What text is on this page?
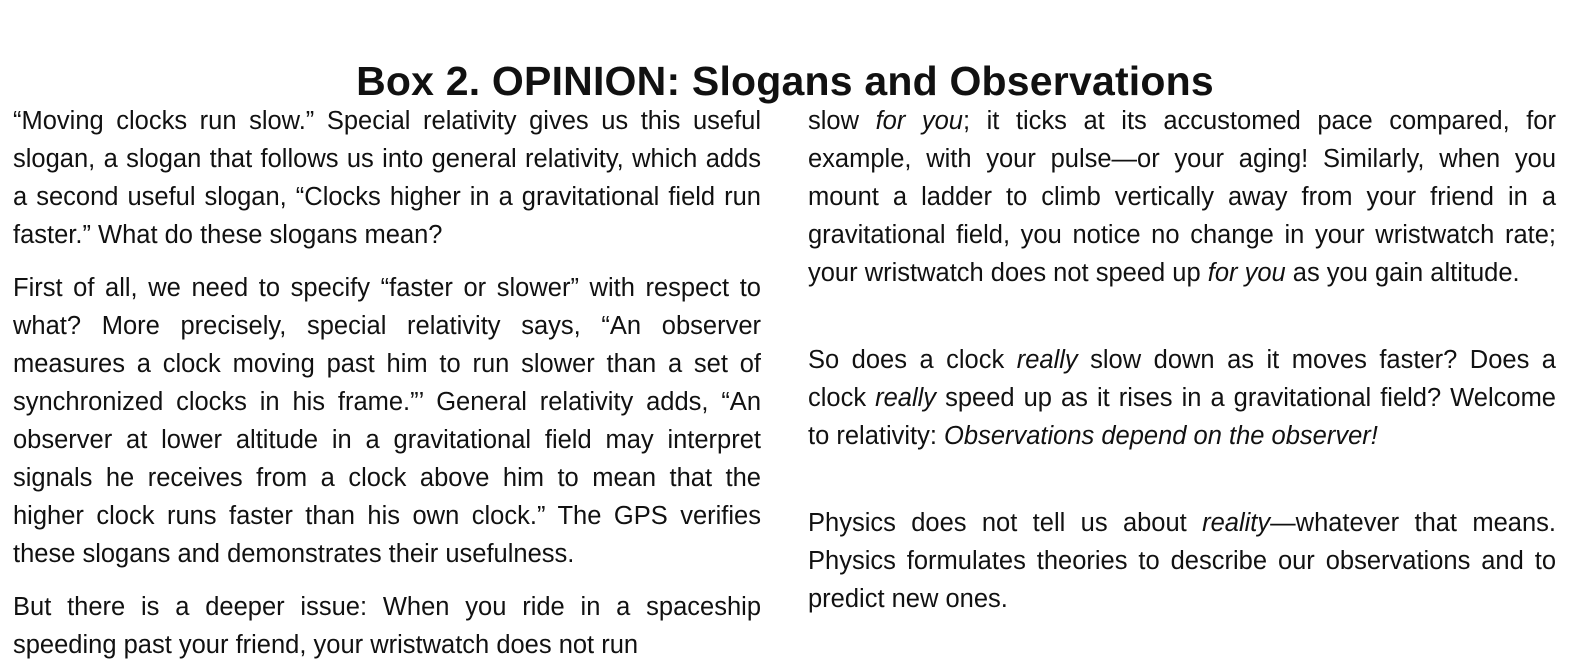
Box 2. OPINION: Slogans and Observations

“Moving clocks run slow.” Special relativity gives us this useful slogan, a slogan that follows us into general relativity, which adds a second useful slogan, “Clocks higher in a gravitational field run faster.” What do these slogans mean?

First of all, we need to specify “faster or slower” with respect to what? More precisely, special relativity says, “An observer measures a clock moving past him to run slower than a set of synchronized clocks in his frame.”’ General relativity adds, “An observer at lower altitude in a gravitational field may interpret signals he receives from a clock above him to mean that the higher clock runs faster than his own clock.” The GPS verifies these slogans and demonstrates their usefulness.

But there is a deeper issue: When you ride in a spaceship speeding past your friend, your wristwatch does not run

slow for you; it ticks at its accustomed pace compared, for example, with your pulse—or your aging! Similarly, when you mount a ladder to climb vertically away from your friend in a gravitational field, you notice no change in your wristwatch rate; your wristwatch does not speed up for you as you gain altitude.

So does a clock really slow down as it moves faster? Does a clock really speed up as it rises in a gravitational field? Welcome to relativity: Observations depend on the observer!

Physics does not tell us about reality—whatever that means. Physics formulates theories to describe our observations and to predict new ones.
